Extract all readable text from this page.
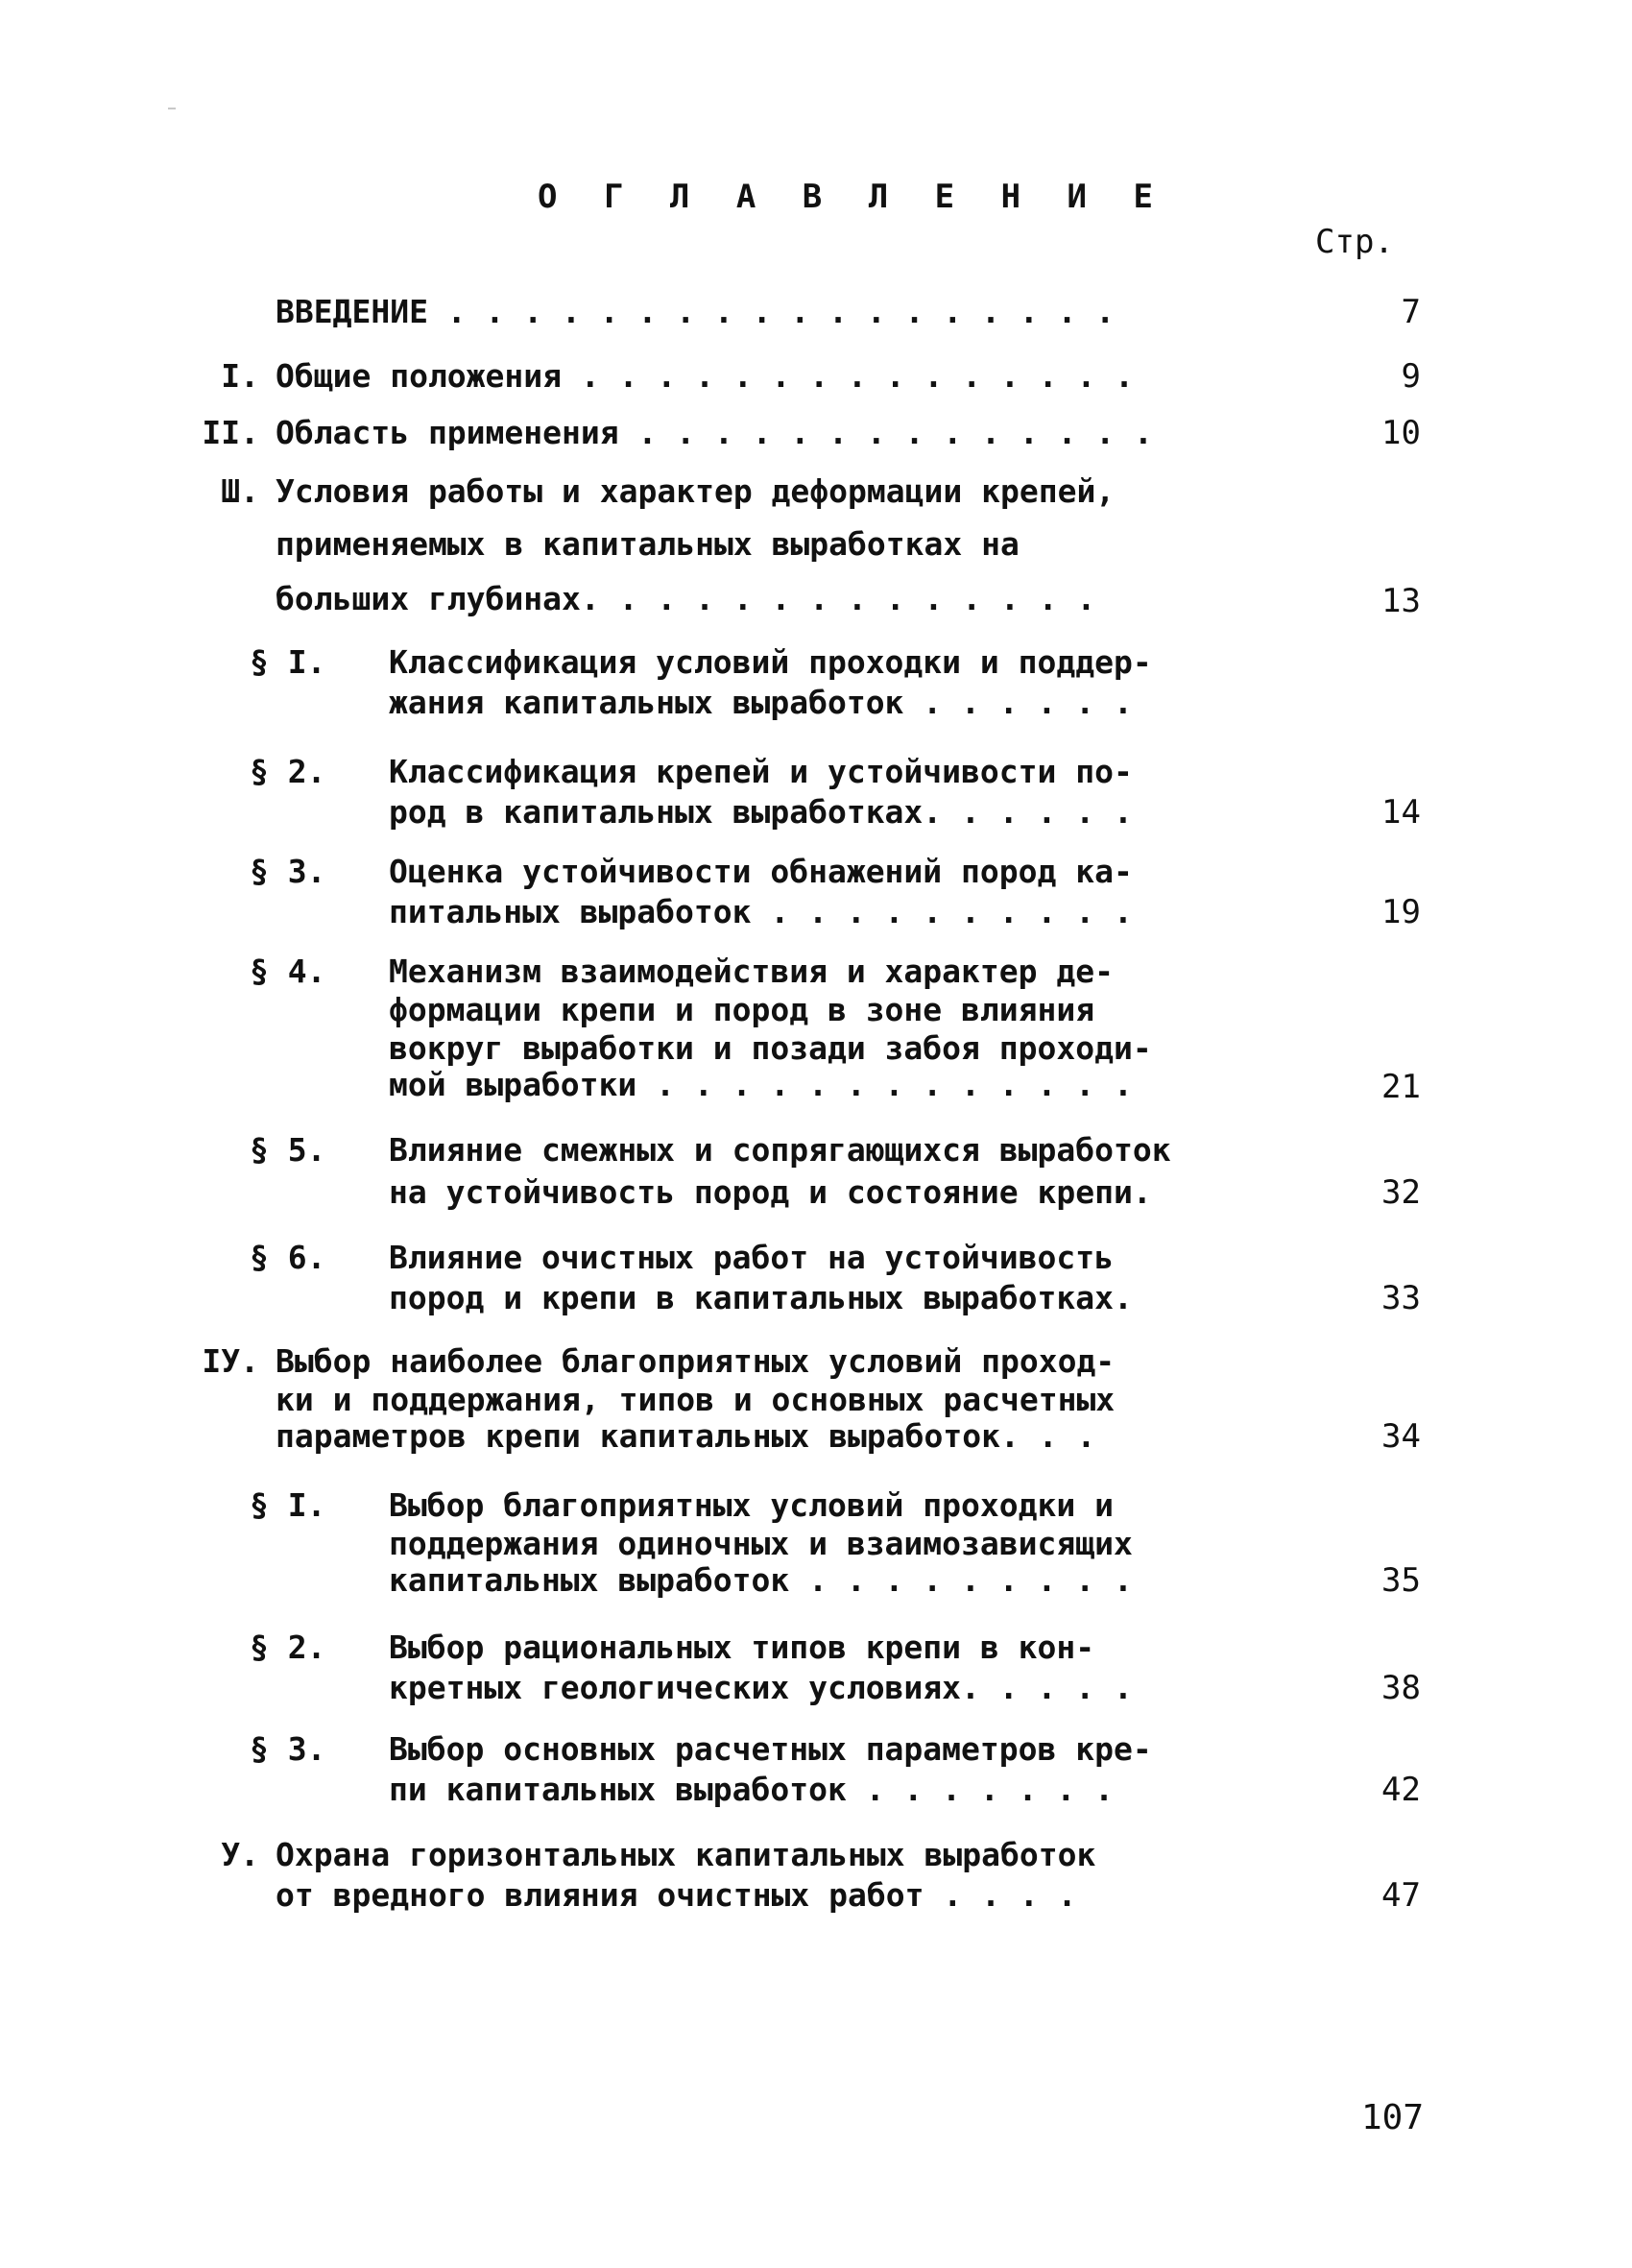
О Г Л А В Л Е Н И Е
Стр.
ВВЕДЕНИЕ . . . . . . . . . . . . . . . . . .	7
I. Общие положения . . . . . . . . . . . . . . .	9
II. Область применения . . . . . . . . . . . . . .	10
Ш. Условия работы и характер деформации крепей,
применяемых в капитальных выработках на
больших глубинах. . . . . . . . . . . . . .	13
§ I.	Классификация условий проходки и поддер-
жания капитальных выработок . . . . . .
§ 2.	Классификация крепей и устойчивости по-
род в капитальных выработках. . . . . .	14
§ 3.	Оценка устойчивости обнажений пород ка-
питальных выработок . . . . . . . . . .	19
§ 4.	Механизм взаимодействия и характер де-
формации крепи и пород в зоне влияния
вокруг выработки и позади забоя проходи-
мой выработки . . . . . . . . . . . . .	21
§ 5.	Влияние смежных и сопрягающихся выработок
на устойчивость пород и состояние крепи.	32
§ 6.	Влияние очистных работ на устойчивость
пород и крепи в капитальных выработках.	33
IУ. Выбор наиболее благоприятных условий проход-
ки и поддержания, типов и основных расчетных
параметров крепи капитальных выработок. . .	34
§ I.	Выбор благоприятных условий проходки и
поддержания одиночных и взаимозависящих
капитальных выработок . . . . . . . . .	35
§ 2.	Выбор рациональных типов крепи в кон-
кретных геологических условиях. . . . .	38
§ 3.	Выбор основных расчетных параметров кре-
пи капитальных выработок . . . . . . .	42
У. Охрана горизонтальных капитальных выработок
от вредного влияния очистных работ . . . .	47
107
